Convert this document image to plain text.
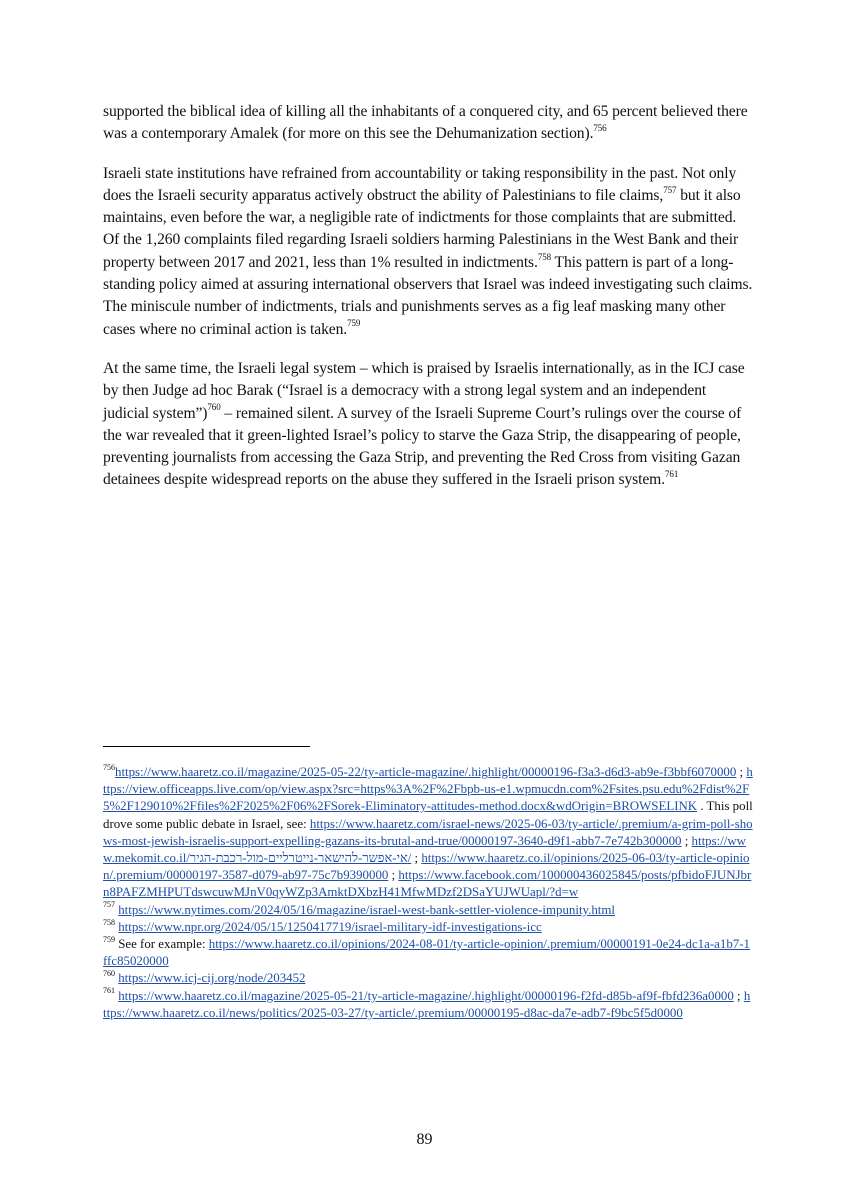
supported the biblical idea of killing all the inhabitants of a conquered city, and 65 percent believed there was a contemporary Amalek (for more on this see the Dehumanization section).$^{756}$

Israeli state institutions have refrained from accountability or taking responsibility in the past. Not only does the Israeli security apparatus actively obstruct the ability of Palestinians to file claims,$^{757}$ but it also maintains, even before the war, a negligible rate of indictments for those complaints that are submitted. Of the 1,260 complaints filed regarding Israeli soldiers harming Palestinians in the West Bank and their property between 2017 and 2021, less than 1% resulted in indictments.$^{758}$ This pattern is part of a long-standing policy aimed at assuring international observers that Israel was indeed investigating such claims. The miniscule number of indictments, trials and punishments serves as a fig leaf masking many other cases where no criminal action is taken.$^{759}$

At the same time, the Israeli legal system – which is praised by Israelis internationally, as in the ICJ case by then Judge ad hoc Barak (“Israel is a democracy with a strong legal system and an independent judicial system”)$^{760}$ – remained silent. A survey of the Israeli Supreme Court’s rulings over the course of the war revealed that it green-lighted Israel’s policy to starve the Gaza Strip, the disappearing of people, preventing journalists from accessing the Gaza Strip, and preventing the Red Cross from visiting Gazan detainees despite widespread reports on the abuse they suffered in the Israeli prison system.$^{761}$

$^{756}$https://www.haaretz.co.il/magazine/2025-05-22/ty-article-magazine/.highlight/00000196-f3a3-d6d3-ab9e-f3bbf6070000 ; https://view.officeapps.live.com/op/view.aspx?src=https%3A%2F%2Fbpb-us-e1.wpmucdn.com%2Fsites.psu.edu%2Fdist%2F5%2F129010%2Ffiles%2F2025%2F06%2FSorek-Eliminatory-attitudes-method.docx&wdOrigin=BROWSELINK . This poll drove some public debate in Israel, see: https://www.haaretz.com/israel-news/2025-06-03/ty-article/.premium/a-grim-poll-shows-most-jewish-israelis-support-expelling-gazans-its-brutal-and-true/00000197-3640-d9f1-abb7-7e742b300000 ; https://www.mekomit.co.il/אי-אפשר-להישאר-נייטרליים-מול-רכבת-הגיר/ ; https://www.haaretz.co.il/opinions/2025-06-03/ty-article-opinion/.premium/00000197-3587-d079-ab97-75c7b9390000 ; https://www.facebook.com/100000436025845/posts/pfbidoFJUNJbrn8PAFZMHPUTdswcuwMJnV0qyWZp3AmktDXbzH41MfwMDzf2DSaYUJWUapl/?d=w

$^{757}$ https://www.nytimes.com/2024/05/16/magazine/israel-west-bank-settler-violence-impunity.html

$^{758}$ https://www.npr.org/2024/05/15/1250417719/israel-military-idf-investigations-icc

$^{759}$ See for example: https://www.haaretz.co.il/opinions/2024-08-01/ty-article-opinion/.premium/00000191-0e24-dc1a-a1b7-1ffc85020000

$^{760}$ https://www.icj-cij.org/node/203452

$^{761}$ https://www.haaretz.co.il/magazine/2025-05-21/ty-article-magazine/.highlight/00000196-f2fd-d85b-af9f-fbfd236a0000 ; https://www.haaretz.co.il/news/politics/2025-03-27/ty-article/.premium/00000195-d8ac-da7e-adb7-f9bc5f5d0000

89
